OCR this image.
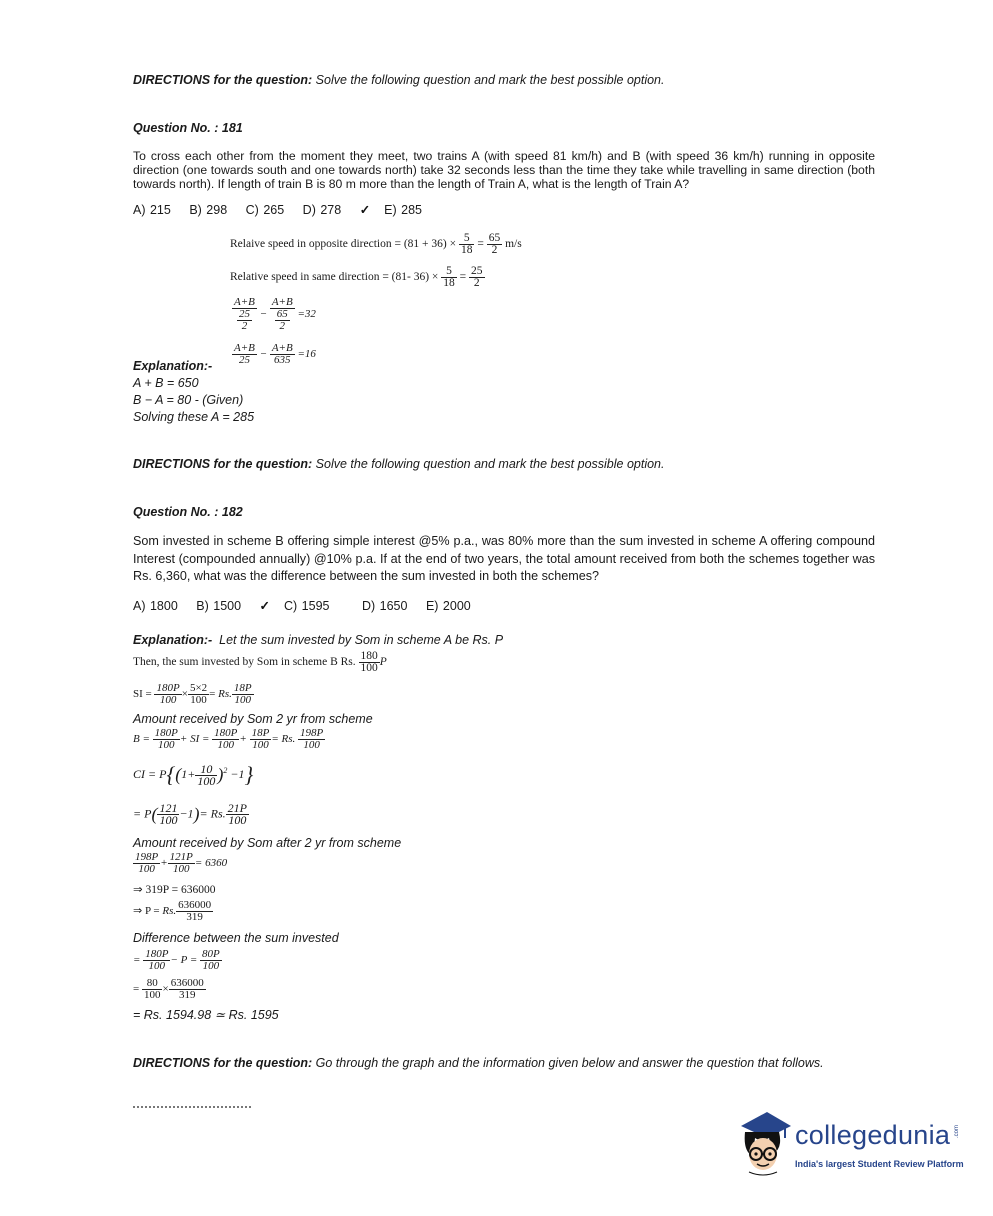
DIRECTIONS for the question: Solve the following question and mark the best possible option.
Question No. : 181
To cross each other from the moment they meet, two trains A (with speed 81 km/h) and B (with speed 36 km/h) running in opposite direction (one towards south and one towards north) take 32 seconds less than the time they take while travelling in same direction (both towards north). If length of train B is 80 m more than the length of Train A, what is the length of Train A?
A) 215 B) 298 C) 265 D) 278 ✓ E) 285
Relaive speed in opposite direction = $(81 + 36) \times \frac{5}{18} = \frac{65}{2} m/s$
Relative speed in same direction = (81- $36) \times \frac{5}{18} = \frac{25}{2}$
$\frac{A+B}{\frac{25}{2}} - \frac{A+B}{\frac{65}{2}} =32$
$\frac{A+B}{25} - \frac{A+B}{635} =16$
Explanation:-
A + B = 650
B − A = 80 - (Given)
Solving these A = 285
DIRECTIONS for the question: Solve the following question and mark the best possible option.
Question No. : 182
Som invested in scheme B offering simple interest @5% p.a., was 80% more than the sum invested in scheme A offering compound Interest (compounded annually) @10% p.a. If at the end of two years, the total amount received from both the schemes together was Rs. 6,360, what was the difference between the sum invested in both the schemes?
A) 1800 B) 1500 ✓ C) 1595	D) 1650 E) 2000
Explanation:- Let the sum invested by Som in scheme A be Rs. P
Then, the sum invested by Som in scheme B Rs. $\frac{180}{100}$ P
SI = $\frac{180P}{100} \times \frac{5\times 2}{100} = Rs$. $\frac{18P}{100}$
Amount received by Som 2 yr from scheme
$B = \frac{180P}{100}$ + SI = $\frac{180P}{100} + \frac{18P}{100} = Rs$. $\frac{198P}{100}$
CI = $P\{(1+ \frac{10}{100} )^2 -1\}$
= $P( \frac{121}{100} -1)= Rs$. $\frac{21P}{100}$
Amount received by Som after 2 yr from scheme
$\frac{198P}{100} + \frac{121P}{100} = 6360$
⇒ 319P = 636000
⇒ P = Rs. $\frac{636000}{319}$
Difference between the sum invested
= $\frac{180P}{100} - P = \frac{80P}{100}$
= $\frac{80}{100} \times \frac{636000}{319}$
= Rs. 1594.98 ≃ Rs. 1595
DIRECTIONS for the question: Go through the graph and the information given below and answer the question that follows.
collegedunia .com
India's largest Student Review Platform
